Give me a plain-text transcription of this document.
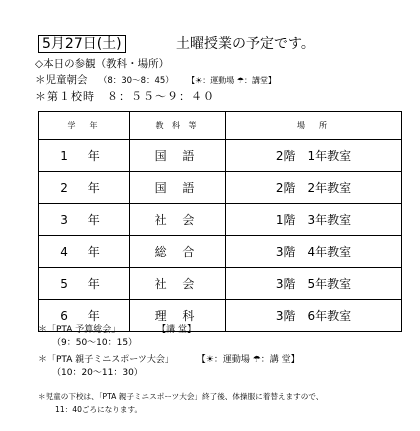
5月27日(土)	土曜授業の予定です。
◇本日の参観（教科・場所）
＊児童朝会 （8：30〜8：45） 【☀：運動場 ☂：講堂】
＊第１校時　８：５５〜９：４０
学　年	教 科 等	場　所
1 年	国 語	2階　 1年教室
2 年	国 語	2階　 2年教室
3 年	社 会	1階　 3年教室
4 年	総 合	3階　 4年教室
5 年	社 会	3階　 5年教室
6 年	理 科	3階　 6年教室
＊「PTA 予算総会」	【講 堂】
（9：50〜10：15）
＊「PTA 親子ミニスポーツ大会」	【☀：運動場 ☂：講 堂】
（10：20〜11：30）
＊児童の下校は、「PTA 親子ミニスポーツ大会」終了後、体操服に着替えますので、
11：40ごろになります。
